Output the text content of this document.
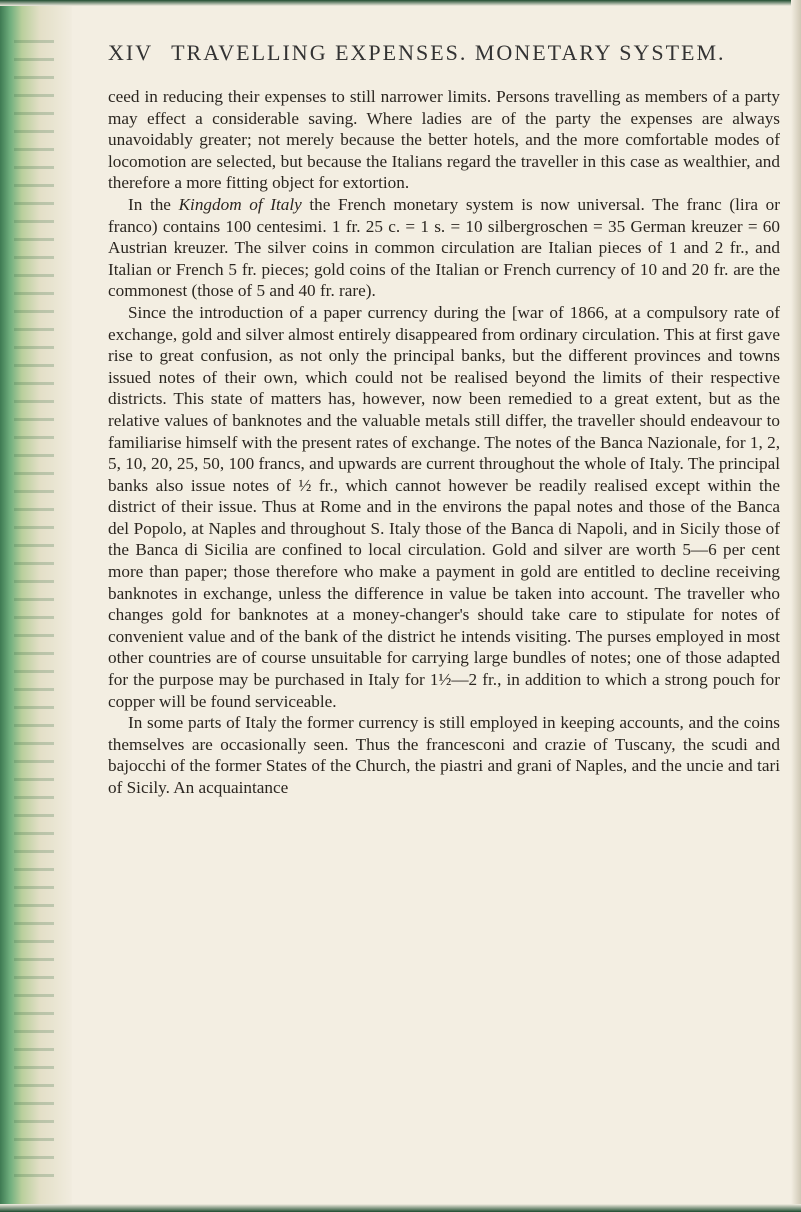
XIV TRAVELLING EXPENSES. MONETARY SYSTEM.

ceed in reducing their expenses to still narrower limits. Persons travelling as members of a party may effect a considerable saving. Where ladies are of the party the expenses are always unavoidably greater; not merely because the better hotels, and the more comfortable modes of locomotion are selected, but because the Italians regard the traveller in this case as wealthier, and therefore a more fitting object for extortion.

In the Kingdom of Italy the French monetary system is now universal. The franc (lira or franco) contains 100 centesimi. 1 fr. 25 c. = 1 s. = 10 silbergroschen = 35 German kreuzer = 60 Austrian kreuzer. The silver coins in common circulation are Italian pieces of 1 and 2 fr., and Italian or French 5 fr. pieces; gold coins of the Italian or French currency of 10 and 20 fr. are the commonest (those of 5 and 40 fr. rare).

Since the introduction of a paper currency during the [war of 1866, at a compulsory rate of exchange, gold and silver almost entirely disappeared from ordinary circulation. This at first gave rise to great confusion, as not only the principal banks, but the different provinces and towns issued notes of their own, which could not be realised beyond the limits of their respective districts. This state of matters has, however, now been remedied to a great extent, but as the relative values of banknotes and the valuable metals still differ, the traveller should endeavour to familiarise himself with the present rates of exchange. The notes of the Banca Nazionale, for 1, 2, 5, 10, 20, 25, 50, 100 francs, and upwards are current throughout the whole of Italy. The principal banks also issue notes of ½ fr., which cannot however be readily realised except within the district of their issue. Thus at Rome and in the environs the papal notes and those of the Banca del Popolo, at Naples and throughout S. Italy those of the Banca di Napoli, and in Sicily those of the Banca di Sicilia are confined to local circulation. Gold and silver are worth 5—6 per cent more than paper; those therefore who make a payment in gold are entitled to decline receiving banknotes in exchange, unless the difference in value be taken into account. The traveller who changes gold for banknotes at a money-changer's should take care to stipulate for notes of convenient value and of the bank of the district he intends visiting. The purses employed in most other countries are of course unsuitable for carrying large bundles of notes; one of those adapted for the purpose may be purchased in Italy for 1½—2 fr., in addition to which a strong pouch for copper will be found serviceable.

In some parts of Italy the former currency is still employed in keeping accounts, and the coins themselves are occasionally seen. Thus the francesconi and crazie of Tuscany, the scudi and bajocchi of the former States of the Church, the piastri and grani of Naples, and the uncie and tari of Sicily. An acquaintance
